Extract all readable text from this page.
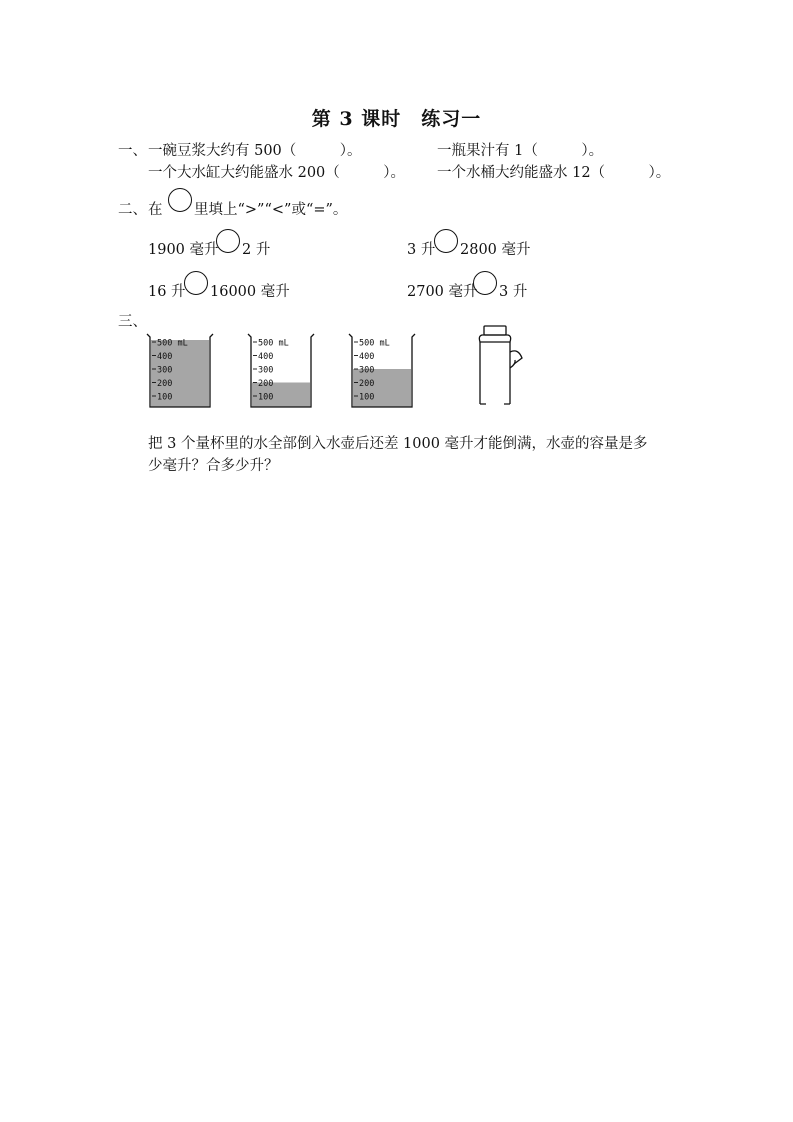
第 3 课时　练习一
一、 一碗豆浆大约有 500（　　　）。	一瓶果汁有 1（　　　）。
一个大水缸大约能盛水 200（　　　）。 一个水桶大约能盛水 12（　　　）。
二、 在 里填上“>”“<”或“=”。
1900 毫升 2 升	3 升 2800 毫升
16 升 16000 毫升	2700 毫升 3 升
三、
500 mL
400
300
200
100
500 mL
400
300
200
100
500 mL
400
300
200
100
把 3 个量杯里的水全部倒入水壶后还差 1000 毫升才能倒满，水壶的容量是多
少毫升？合多少升？
